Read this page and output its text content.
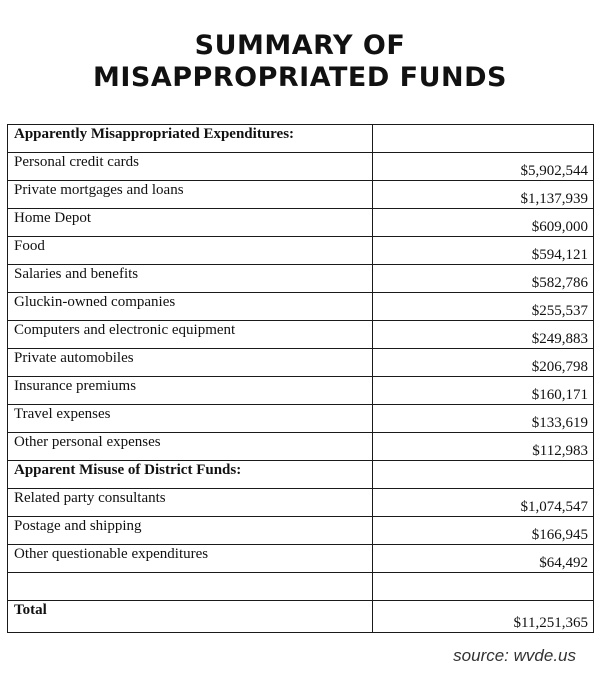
SUMMARY OF
MISAPPROPRIATED FUNDS
Apparently Misappropriated Expenditures:	
Personal credit cards	$5,902,544
Private mortgages and loans	$1,137,939
Home Depot	$609,000
Food	$594,121
Salaries and benefits	$582,786
Gluckin-owned companies	$255,537
Computers and electronic equipment	$249,883
Private automobiles	$206,798
Insurance premiums	$160,171
Travel expenses	$133,619
Other personal expenses	$112,983
Apparent Misuse of District Funds:	
Related party consultants	$1,074,547
Postage and shipping	$166,945
Other questionable expenditures	$64,492

Total	$11,251,365
source: wvde.us
